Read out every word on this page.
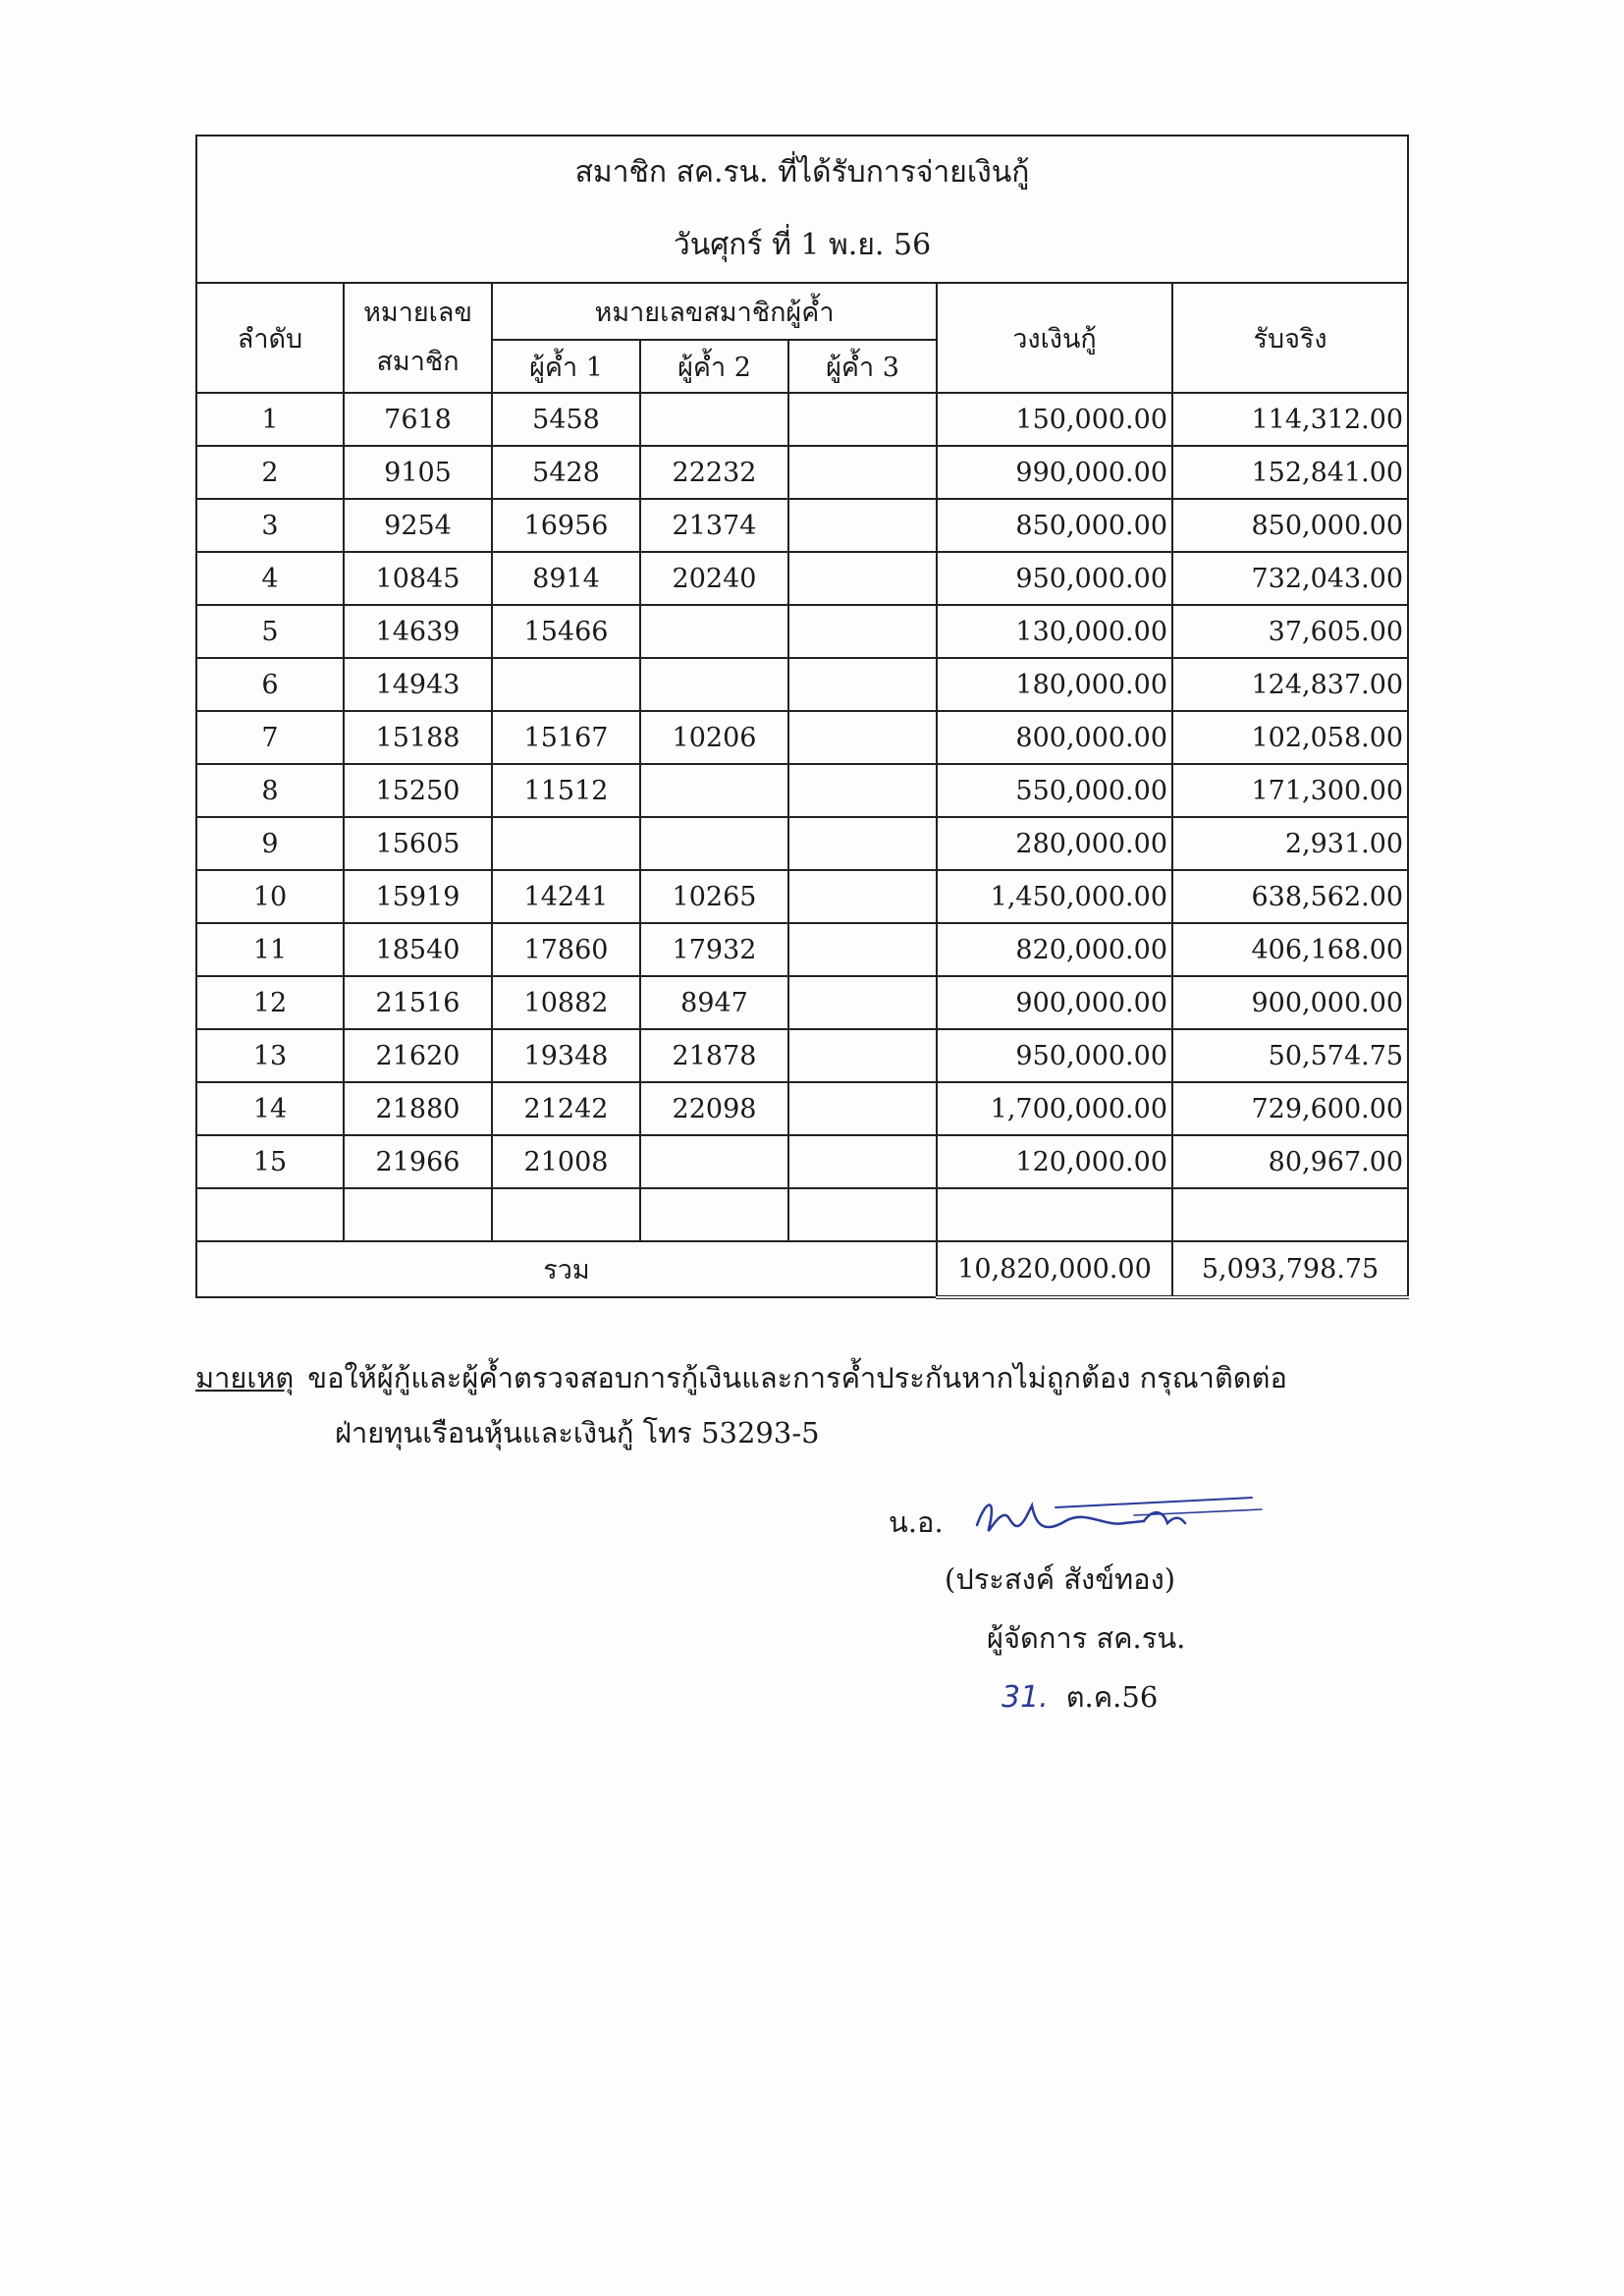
สมาชิก สค.รน. ที่ได้รับการจ่ายเงินกู้
วันศุกร์ ที่ 1 พ.ย. 56						

ลำดับ	หมายเลข
สมาชิก	หมายเลขสมาชิกผู้ค้ำ			วงเงินกู้	รับจริง
		ผู้ค้ำ 1	ผู้ค้ำ 2	ผู้ค้ำ 3		
1	7618	5458			150,000.00	114,312.00
2	9105	5428	22232		990,000.00	152,841.00
3	9254	16956	21374		850,000.00	850,000.00
4	10845	8914	20240		950,000.00	732,043.00
5	14639	15466			130,000.00	37,605.00
6	14943				180,000.00	124,837.00
7	15188	15167	10206		800,000.00	102,058.00
8	15250	11512			550,000.00	171,300.00
9	15605				280,000.00	2,931.00
10	15919	14241	10265		1,450,000.00	638,562.00
11	18540	17860	17932		820,000.00	406,168.00
12	21516	10882	8947		900,000.00	900,000.00
13	21620	19348	21878		950,000.00	50,574.75
14	21880	21242	22098		1,700,000.00	729,600.00
15	21966	21008			120,000.00	80,967.00

รวม					10,820,000.00	5,093,798.75
มายเหตุ ขอให้ผู้กู้และผู้ค้ำตรวจสอบการกู้เงินและการค้ำประกันหากไม่ถูกต้อง กรุณาติดต่อ
ฝ่ายทุนเรือนหุ้นและเงินกู้ โทร 53293-5
น.อ.
(ประสงค์ สังข์ทอง)
ผู้จัดการ สค.รน.
31. ต.ค.56
